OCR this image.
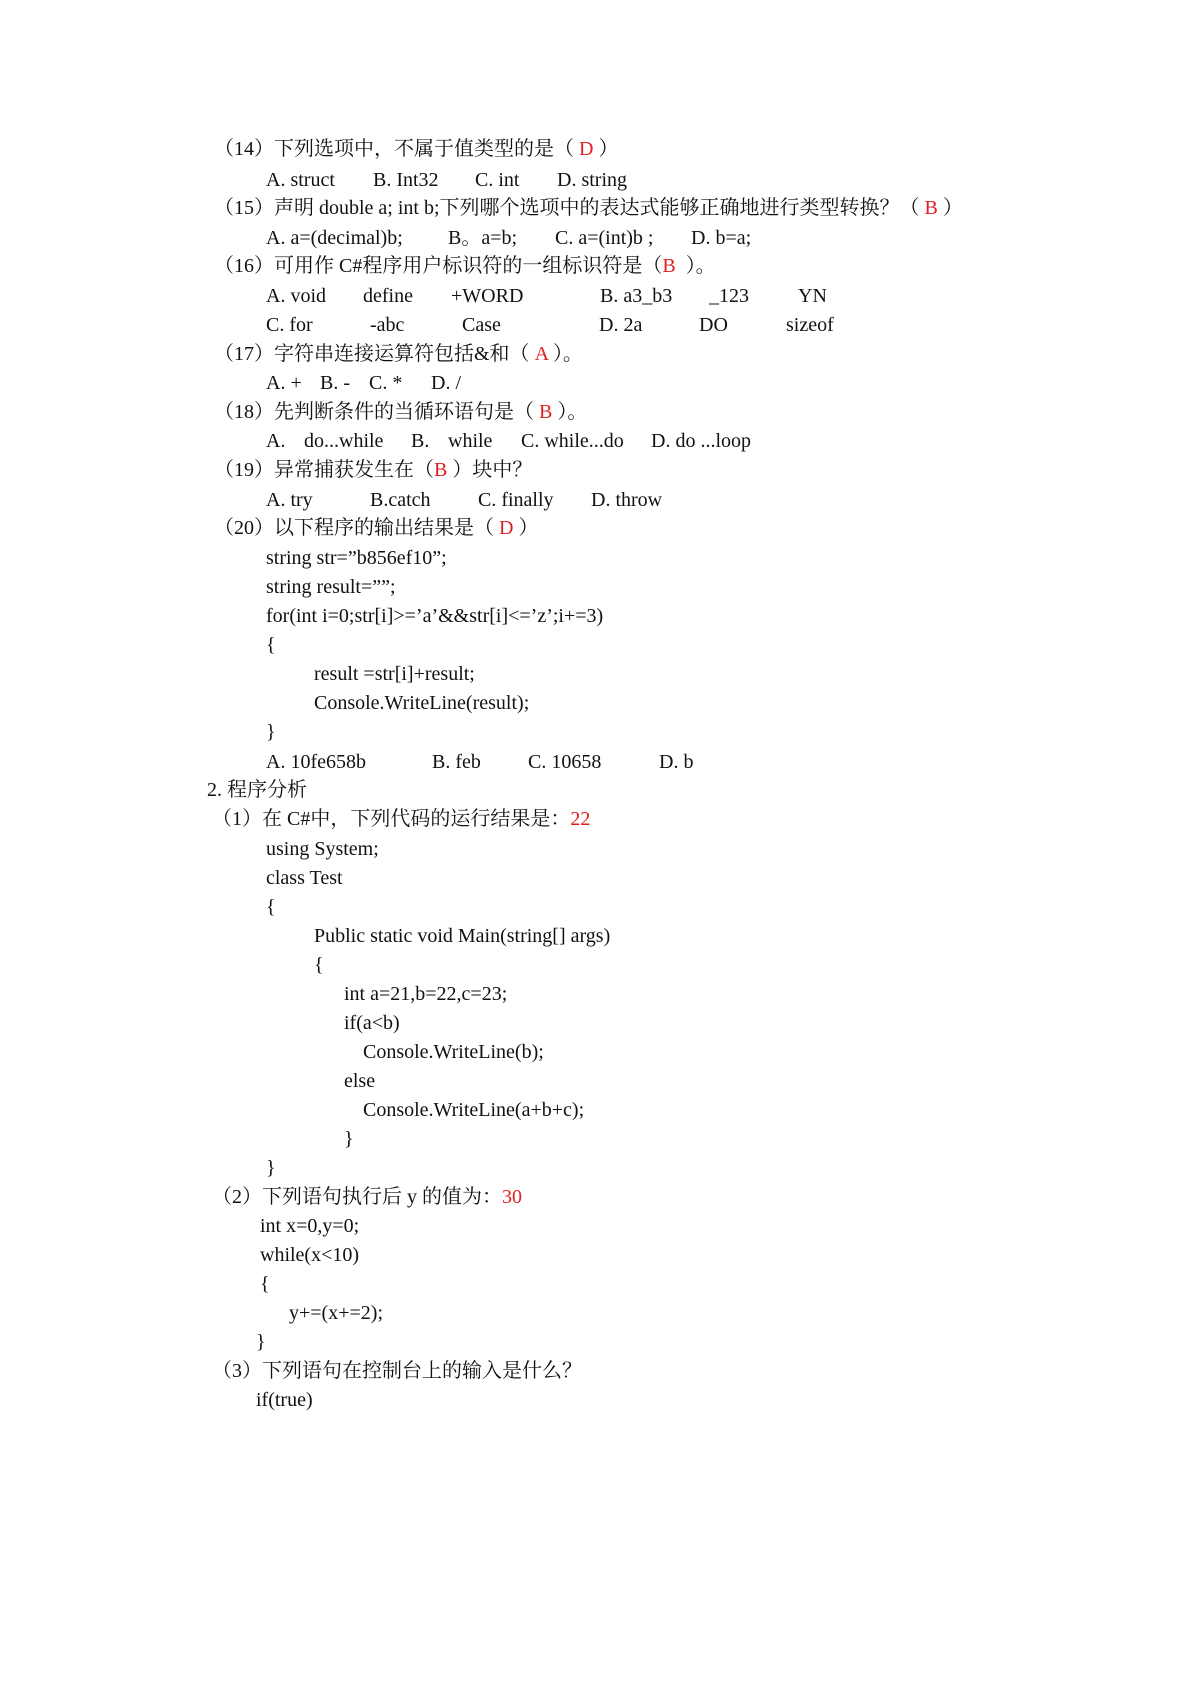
（14）下列选项中，不属于值类型的是（ D ）
A. struct B. Int32 C. int D. string
（15）声明 double a; int b;下列哪个选项中的表达式能够正确地进行类型转换？（ B ）
A. a=(decimal)b; B。a=b; C. a=(int)b ; D. b=a;
（16）可用作 C#程序用户标识符的一组标识符是（B  ）。
A. void define +WORD	B. a3_b3 _123 YN
C. for	-abc	Case	D. 2a	DO	sizeof
（17）字符串连接运算符包括&和（ A ）。
A. + B. - C. * D. /
（18）先判断条件的当循环语句是（ B ）。
A. do...while B. while C. while...do D. do ...loop
（19）异常捕获发生在（B ）块中？
A. try	B.catch C. finally D. throw
（20）以下程序的输出结果是（ D ）
string str=”b856ef10”;
string result=””;
for(int i=0;str[i]>=’a’&&str[i]<=’z’;i+=3)
{
result =str[i]+result;
Console.WriteLine(result);
}
A. 10fe658b	B. feb C. 10658	D. b
2. 程序分析
（1）在 C#中，下列代码的运行结果是：22
using System;
class Test
{
Public static void Main(string[] args)
{
int a=21,b=22,c=23;
if(a<b)
Console.WriteLine(b);
else
Console.WriteLine(a+b+c);
}
}
（2）下列语句执行后 y 的值为：30
int x=0,y=0;
while(x<10)
{
y+=(x+=2);
}
（3）下列语句在控制台上的输入是什么？
if(true)
